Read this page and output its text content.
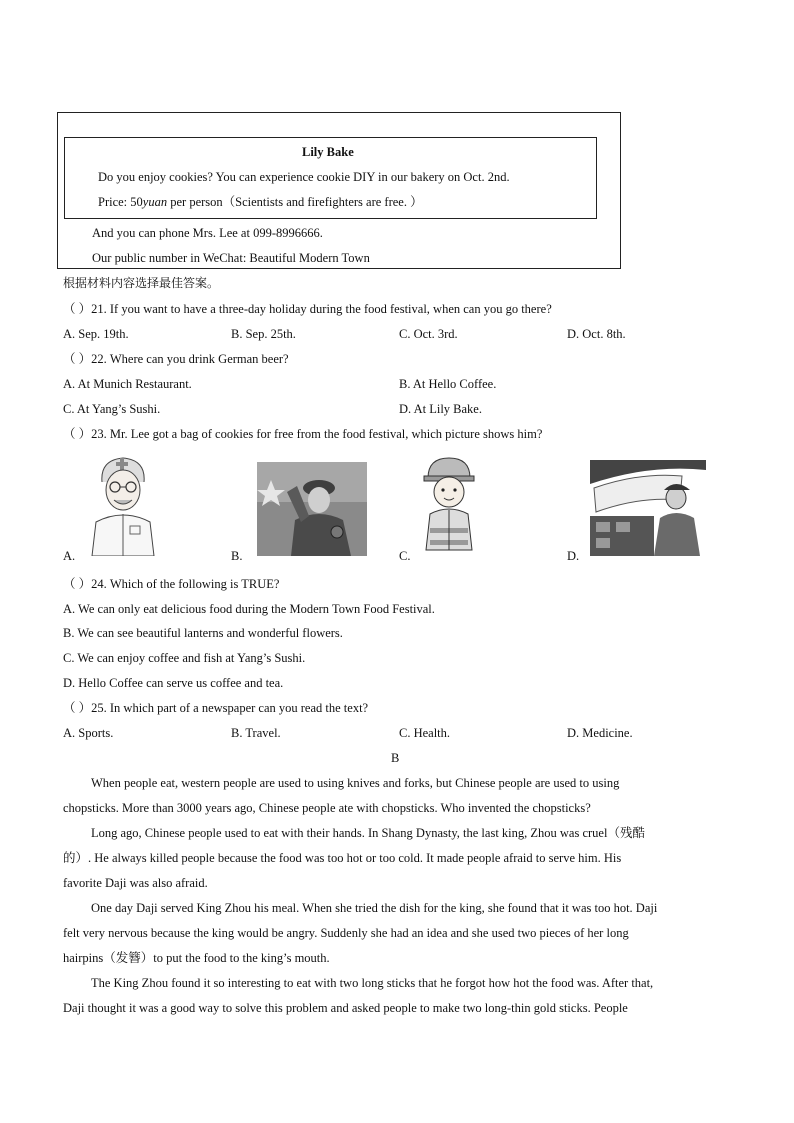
Lily Bake
Do you enjoy cookies? You can experience cookie DIY in our bakery on Oct. 2nd.
Price: 50yuan per person（Scientists and firefighters are free. ）
And you can phone Mrs. Lee at 099-8996666.
Our public number in WeChat: Beautiful Modern Town
根据材料内容选择最佳答案。
（ ）21. If you want to have a three-day holiday during the food festival, when can you go there?
A. Sep. 19th.	B. Sep. 25th.	C. Oct. 3rd.	D. Oct. 8th.
（ ）22. Where can you drink German beer?
A. At Munich Restaurant.	B. At Hello Coffee.
C. At Yang’s Sushi.	D. At Lily Bake.
（ ）23. Mr. Lee got a bag of cookies for free from the food festival, which picture shows him?
A.	B.	C.	D.
（ ）24. Which of the following is TRUE?
A. We can only eat delicious food during the Modern Town Food Festival.
B. We can see beautiful lanterns and wonderful flowers.
C. We can enjoy coffee and fish at Yang’s Sushi.
D. Hello Coffee can serve us coffee and tea.
（ ）25. In which part of a newspaper can you read the text?
A. Sports.	B. Travel.	C. Health.	D. Medicine.
B
When people eat, western people are used to using knives and forks, but Chinese people are used to using
chopsticks. More than 3000 years ago, Chinese people ate with chopsticks. Who invented the chopsticks?
Long ago, Chinese people used to eat with their hands. In Shang Dynasty, the last king, Zhou was cruel（残酷
的）. He always killed people because the food was too hot or too cold. It made people afraid to serve him. His
favorite Daji was also afraid.
One day Daji served King Zhou his meal. When she tried the dish for the king, she found that it was too hot. Daji
felt very nervous because the king would be angry. Suddenly she had an idea and she used two pieces of her long
hairpins（发簪）to put the food to the king’s mouth.
The King Zhou found it so interesting to eat with two long sticks that he forgot how hot the food was. After that,
Daji thought it was a good way to solve this problem and asked people to make two long-thin gold sticks. People
